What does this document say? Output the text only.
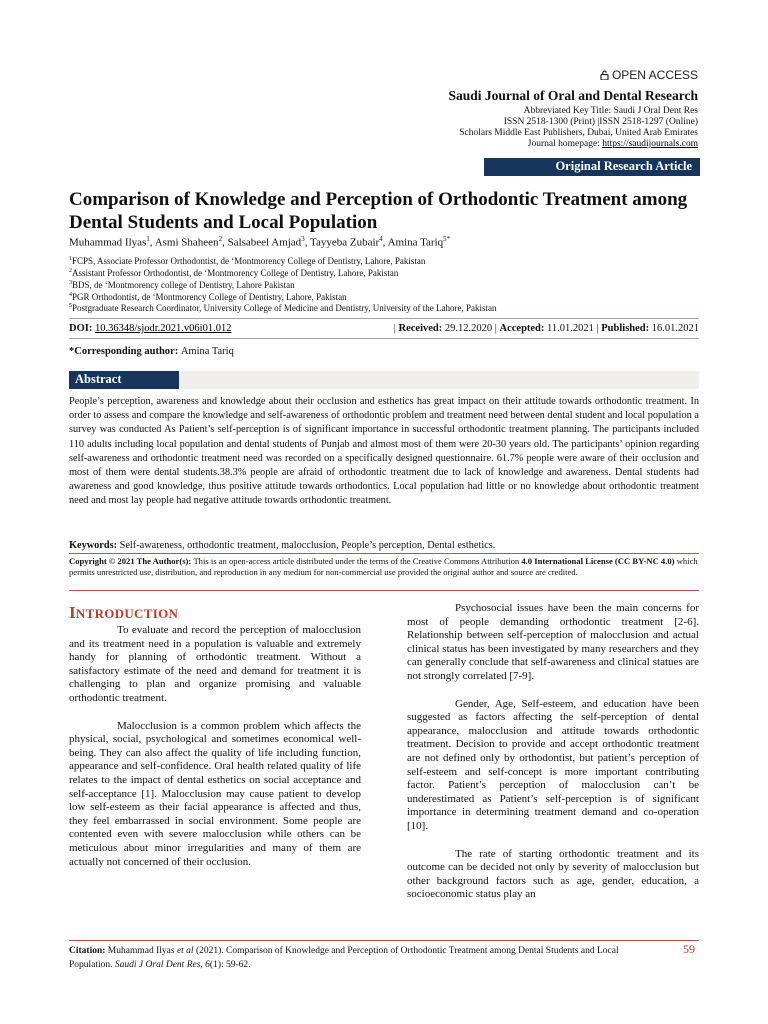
OPEN ACCESS
Saudi Journal of Oral and Dental Research
Abbreviated Key Title: Saudi J Oral Dent Res
ISSN 2518-1300 (Print) |ISSN 2518-1297 (Online)
Scholars Middle East Publishers, Dubai, United Arab Emirates
Journal homepage: https://saudijournals.com
Original Research Article
Comparison of Knowledge and Perception of Orthodontic Treatment among Dental Students and Local Population
Muhammad Ilyas$^1$, Asmi Shaheen$^2$, Salsabeel Amjad$^3$, Tayyeba Zubair$^4$, Amina Tariq$^{5*}$
$^1$FCPS, Associate Professor Orthodontist, de ‘Montmorency College of Dentistry, Lahore, Pakistan
$^2$Assistant Professor Orthodontist, de ‘Montmorency College of Dentistry, Lahore, Pakistan
$^3$BDS, de ‘Montmorency college of Dentistry, Lahore Pakistan
$^4$PGR Orthodontist, de ‘Montmorency College of Dentistry, Lahore, Pakistan
$^5$Postgraduate Research Coordinator, University College of Medicine and Dentistry, University of the Lahore, Pakistan
DOI: 10.36348/sjodr.2021.v06i01.012	| Received: 29.12.2020 | Accepted: 11.01.2021 | Published: 16.01.2021
*Corresponding author: Amina Tariq
Abstract
People’s perception, awareness and knowledge about their occlusion and esthetics has great impact on their attitude towards orthodontic treatment. In order to assess and compare the knowledge and self-awareness of orthodontic problem and treatment need between dental student and local population a survey was conducted As Patient’s self-perception is of significant importance in successful orthodontic treatment planning. The participants included 110 adults including local population and dental students of Punjab and almost most of them were 20-30 years old. The participants’ opinion regarding self-awareness and orthodontic treatment need was recorded on a specifically designed questionnaire. 61.7% people were aware of their occlusion and most of them were dental students.38.3% people are afraid of orthodontic treatment due to lack of knowledge and awareness. Dental students had awareness and good knowledge, thus positive attitude towards orthodontics. Local population had little or no knowledge about orthodontic treatment need and most lay people had negative attitude towards orthodontic treatment.
Keywords: Self-awareness, orthodontic treatment, malocclusion, People’s perception, Dental esthetics.
Copyright © 2021 The Author(s): This is an open-access article distributed under the terms of the Creative Commons Attribution 4.0 International License (CC BY-NC 4.0) which permits unrestricted use, distribution, and reproduction in any medium for non-commercial use provided the original author and source are credited.
INTRODUCTION

To evaluate and record the perception of malocclusion and its treatment need in a population is valuable and extremely handy for planning of orthodontic treatment. Without a satisfactory estimate of the need and demand for treatment it is challenging to plan and organize promising and valuable orthodontic treatment.

Malocclusion is a common problem which affects the physical, social, psychological and sometimes economical well-being. They can also affect the quality of life including function, appearance and self-confidence. Oral health related quality of life relates to the impact of dental esthetics on social acceptance and self-acceptance [1]. Malocclusion may cause patient to develop low self-esteem as their facial appearance is affected and thus, they feel embarrassed in social environment. Some people are contented even with severe malocclusion while others can be meticulous about minor irregularities and many of them are actually not concerned of their occlusion.

Psychosocial issues have been the main concerns for most of people demanding orthodontic treatment [2-6]. Relationship between self-perception of malocclusion and actual clinical status has been investigated by many researchers and they can generally conclude that self-awareness and clinical statues are not strongly correlated [7-9].

Gender, Age, Self-esteem, and education have been suggested as factors affecting the self-perception of dental appearance, malocclusion and attitude towards orthodontic treatment. Decision to provide and accept orthodontic treatment are not defined only by orthodontist, but patient’s perception of self-esteem and self-concept is more important contributing factor. Patient’s perception of malocclusion can’t be underestimated as Patient’s self-perception is of significant importance in determining treatment demand and co-operation [10].

The rate of starting orthodontic treatment and its outcome can be decided not only by severity of malocclusion but other background factors such as age, gender, education, a socioeconomic status play an

Citation: Muhammad Ilyas et al (2021). Comparison of Knowledge and Perception of Orthodontic Treatment among Dental Students and Local Population. Saudi J Oral Dent Res, 6(1): 59-62.
59
